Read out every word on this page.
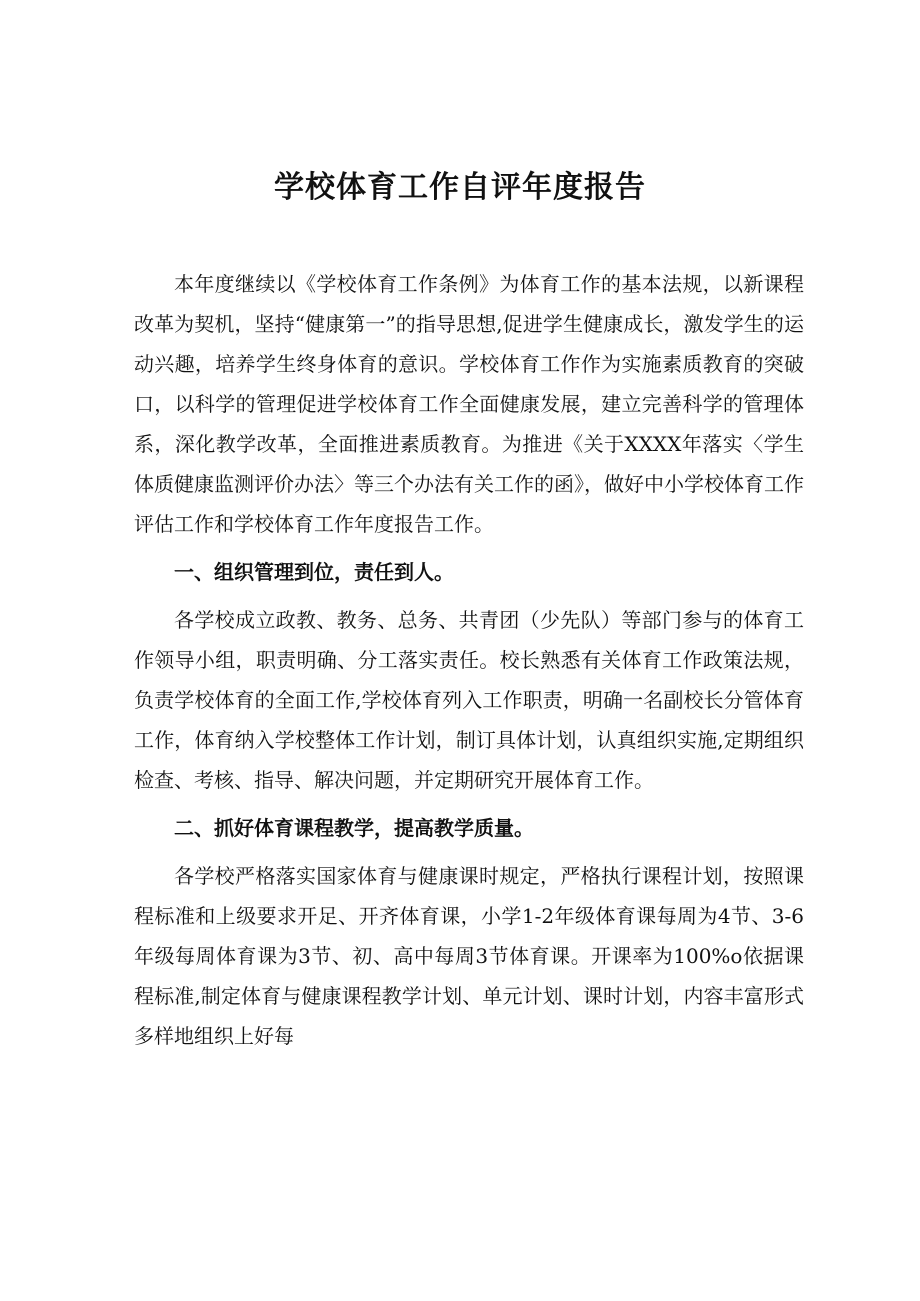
学校体育工作自评年度报告

本年度继续以《学校体育工作条例》为体育工作的基本法规，以新课程改革为契机，坚持“健康第一”的指导思想,促进学生健康成长，激发学生的运动兴趣，培养学生终身体育的意识。学校体育工作作为实施素质教育的突破口，以科学的管理促进学校体育工作全面健康发展，建立完善科学的管理体系，深化教学改革，全面推进素质教育。为推进《关于XXXX年落实〈学生体质健康监测评价办法〉等三个办法有关工作的函》，做好中小学校体育工作评估工作和学校体育工作年度报告工作。

一、组织管理到位，责任到人。

各学校成立政教、教务、总务、共青团（少先队）等部门参与的体育工作领导小组，职责明确、分工落实责任。校长熟悉有关体育工作政策法规，负责学校体育的全面工作,学校体育列入工作职责，明确一名副校长分管体育工作，体育纳入学校整体工作计划，制订具体计划，认真组织实施,定期组织检查、考核、指导、解决问题，并定期研究开展体育工作。

二、抓好体育课程教学，提高教学质量。

各学校严格落实国家体育与健康课时规定，严格执行课程计划，按照课程标准和上级要求开足、开齐体育课，小学1-2年级体育课每周为4节、3-6年级每周体育课为3节、初、高中每周3节体育课。开课率为100%o依据课程标准,制定体育与健康课程教学计划、单元计划、课时计划，内容丰富形式多样地组织上好每
